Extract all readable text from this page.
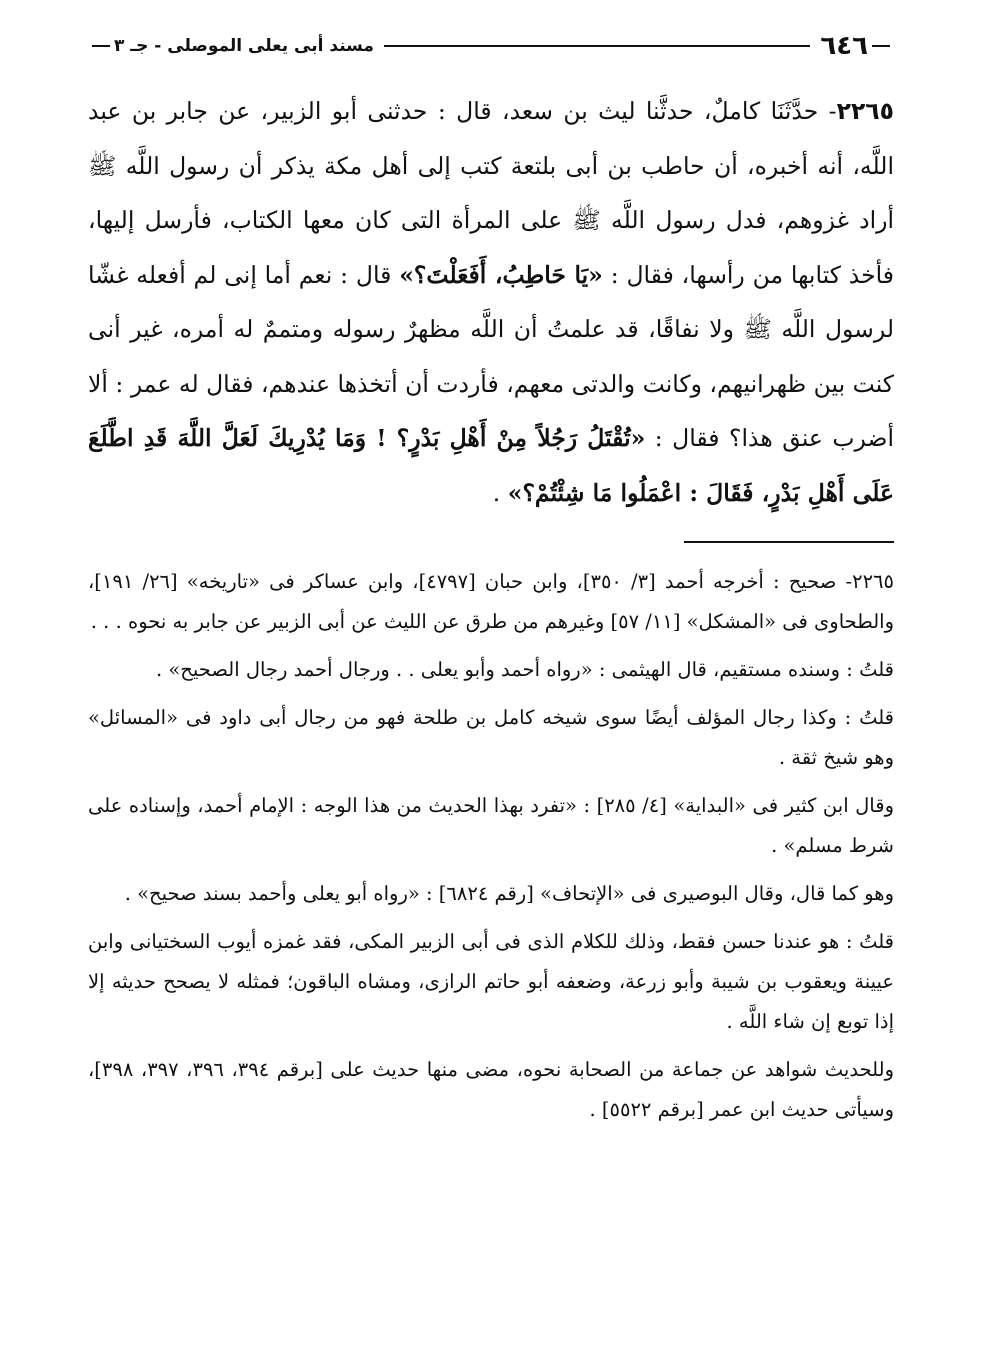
٦٤٦
مسند أبى يعلى الموصلى - جـ ٣
٢٢٦٥- حدَّثَنَا كاملٌ، حدثَّنا ليث بن سعد، قال : حدثنى أبو الزبير، عن جابر بن عبد اللَّه، أنه أخبره، أن حاطب بن أبى بلتعة كتب إلى أهل مكة يذكر أن رسول اللَّه ﷺ أراد غزوهم، فدل رسول اللَّه ﷺ على المرأة التى كان معها الكتاب، فأرسل إليها، فأخذ كتابها من رأسها، فقال : «يَا حَاطِبُ، أَفَعَلْتَ؟» قال : نعم أما إنى لم أفعله غشّا لرسول اللَّه ﷺ ولا نفاقًا، قد علمتُ أن اللَّه مظهرٌ رسوله ومتممٌ له أمره، غير أنى كنت بين ظهرانيهم، وكانت والدتى معهم، فأردت أن أتخذها عندهم، فقال له عمر : ألا أضرب عنق هذا؟ فقال : «تُقْتَلُ رَجُلاً مِنْ أَهْلِ بَدْرٍ؟ ! وَمَا يُدْرِيكَ لَعَلَّ اللَّهَ قَدِ اطَّلَعَ عَلَى أَهْلِ بَدْرٍ، فَقَالَ : اعْمَلُوا مَا شِئْتُمْ؟» .

٢٢٦٥- صحيح : أخرجه أحمد [٣/ ٣٥٠]، وابن حبان [٤٧٩٧]، وابن عساكر فى «تاريخه» [٢٦/ ١٩١]، والطحاوى فى «المشكل» [١١/ ٥٧] وغيرهم من طرق عن الليث عن أبى الزبير عن جابر به نحوه . . .

قلتُ : وسنده مستقيم، قال الهيثمى : «رواه أحمد وأبو يعلى . . ورجال أحمد رجال الصحيح» .

قلتُ : وكذا رجال المؤلف أيضًا سوى شيخه كامل بن طلحة فهو من رجال أبى داود فى «المسائل» وهو شيخ ثقة .

وقال ابن كثير فى «البداية» [٤/ ٢٨٥] : «تفرد بهذا الحديث من هذا الوجه : الإمام أحمد، وإسناده على شرط مسلم» .

وهو كما قال، وقال البوصيرى فى «الإتحاف» [رقم ٦٨٢٤] : «رواه أبو يعلى وأحمد بسند صحيح» .

قلتُ : هو عندنا حسن فقط، وذلك للكلام الذى فى أبى الزبير المكى، فقد غمزه أيوب السختيانى وابن عيينة ويعقوب بن شيبة وأبو زرعة، وضعفه أبو حاتم الرازى، ومشاه الباقون؛ فمثله لا يصحح حديثه إلا إذا توبع إن شاء اللَّه .

وللحديث شواهد عن جماعة من الصحابة نحوه، مضى منها حديث على [برقم ٣٩٤، ٣٩٦، ٣٩٧، ٣٩٨]، وسيأتى حديث ابن عمر [برقم ٥٥٢٢] .
